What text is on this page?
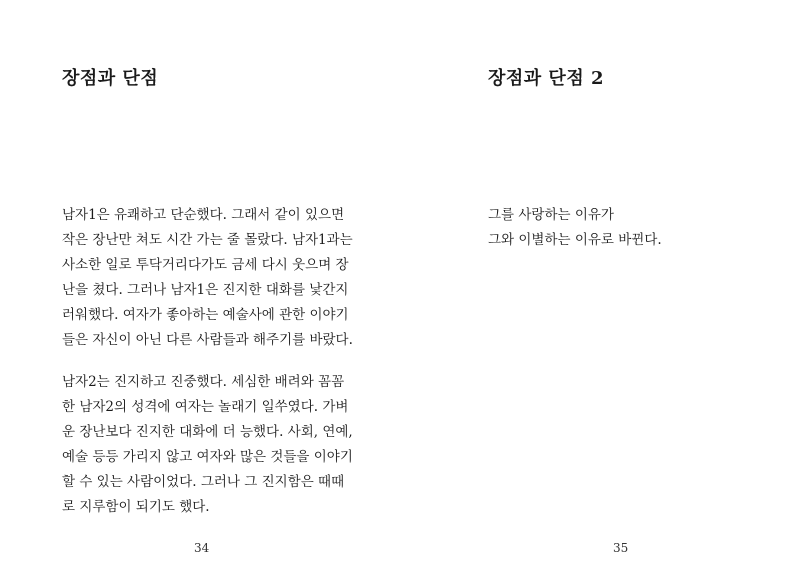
장점과 단점
남자1은 유쾌하고 단순했다. 그래서 같이 있으면
작은 장난만 쳐도 시간 가는 줄 몰랐다. 남자1과는
사소한 일로 투닥거리다가도 금세 다시 웃으며 장
난을 쳤다. 그러나 남자1은 진지한 대화를 낯간지
러워했다. 여자가 좋아하는 예술사에 관한 이야기
들은 자신이 아닌 다른 사람들과 해주기를 바랐다.
남자2는 진지하고 진중했다. 세심한 배려와 꼼꼼
한 남자2의 성격에 여자는 놀래기 일쑤였다. 가벼
운 장난보다 진지한 대화에 더 능했다. 사회, 연예,
예술 등등 가리지 않고 여자와 많은 것들을 이야기
할 수 있는 사람이었다. 그러나 그 진지함은 때때
로 지루함이 되기도 했다.
34
장점과 단점 2
그를 사랑하는 이유가
그와 이별하는 이유로 바뀐다.
35
